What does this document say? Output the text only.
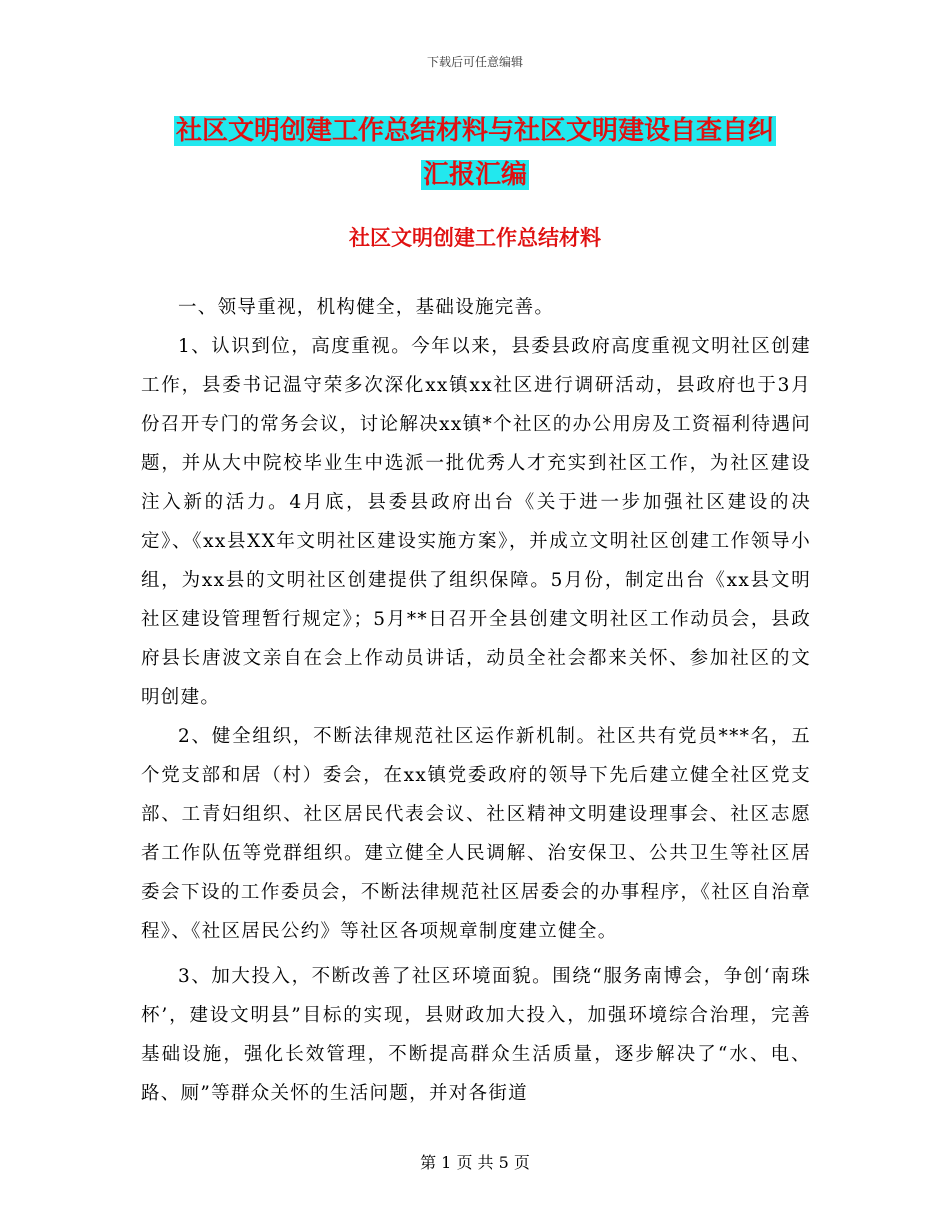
下载后可任意编辑
社区文明创建工作总结材料与社区文明建设自查自纠
汇报汇编
社区文明创建工作总结材料

一、领导重视，机构健全，基础设施完善。

1、认识到位，高度重视。今年以来，县委县政府高度重视文明社区创建工作，县委书记温守荣多次深化xx镇xx社区进行调研活动，县政府也于3月份召开专门的常务会议，讨论解决xx镇*个社区的办公用房及工资福利待遇问题，并从大中院校毕业生中选派一批优秀人才充实到社区工作，为社区建设注入新的活力。4月底，县委县政府出台《关于进一步加强社区建设的决定》、《xx县XX年文明社区建设实施方案》，并成立文明社区创建工作领导小组，为xx县的文明社区创建提供了组织保障。5月份，制定出台《xx县文明社区建设管理暂行规定》；5月**日召开全县创建文明社区工作动员会，县政府县长唐波文亲自在会上作动员讲话，动员全社会都来关怀、参加社区的文明创建。

2、健全组织，不断法律规范社区运作新机制。社区共有党员***名，五个党支部和居（村）委会，在xx镇党委政府的领导下先后建立健全社区党支部、工青妇组织、社区居民代表会议、社区精神文明建设理事会、社区志愿者工作队伍等党群组织。建立健全人民调解、治安保卫、公共卫生等社区居委会下设的工作委员会，不断法律规范社区居委会的办事程序，《社区自治章程》、《社区居民公约》等社区各项规章制度建立健全。

3、加大投入，不断改善了社区环境面貌。围绕“服务南博会，争创‘南珠杯’，建设文明县”目标的实现，县财政加大投入，加强环境综合治理，完善基础设施，强化长效管理，不断提高群众生活质量，逐步解决了“水、电、路、厕”等群众关怀的生活问题，并对各街道

第 1 页 共 5 页
